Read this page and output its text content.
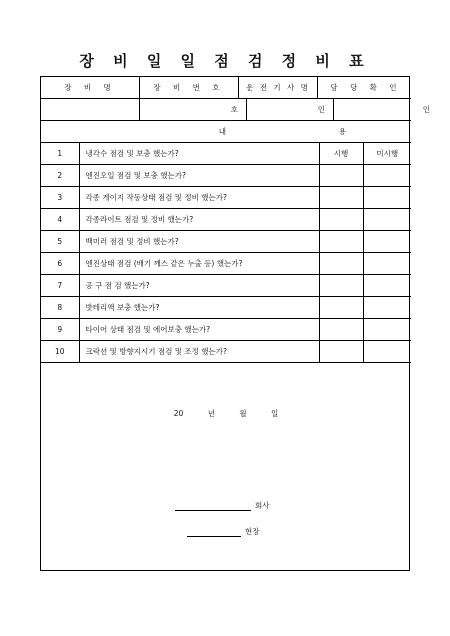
장 비 일 일 점 검 정 비 표
장 비 명	장 비 번 호	운 전 기 사 명	담 당 확 인

	호	인	인

내	용
1	냉각수 점검 및 보충 했는가?	시행	미시행
2	엔진오일 점검 및 보충 했는가?		
3	각종 게이지 작동상태 점검 및 정비 했는가?		
4	각종라이트 점검 및 정비 했는가?		
5	백미러 점검 및 정비 했는가?		
6	엔진상태 점검 (배기 깨스 같은 누출 등) 했는가?		
7	공 구 점 검 했는가?		
8	밧테리액 보충 했는가?		
9	타이어 상태 점검 및 에어보충 했는가?		
10	크락션 및 방향지시기 점검 및 조정 했는가?		
20 년 월 일
회사
현장
